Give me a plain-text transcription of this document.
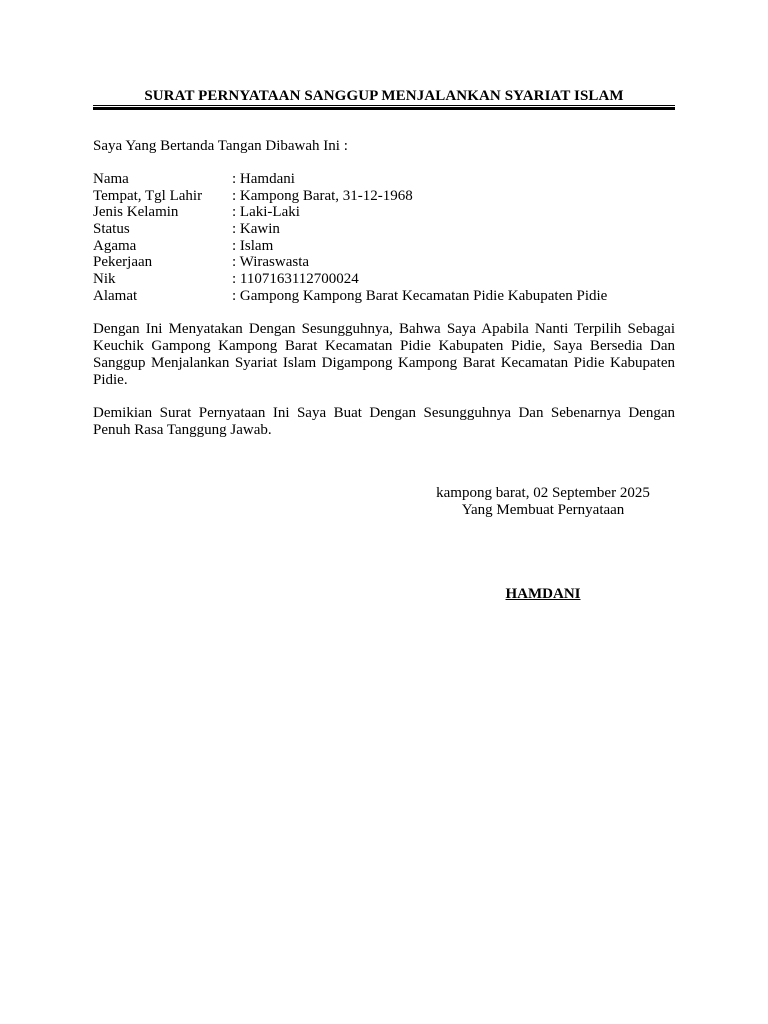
SURAT PERNYATAAN SANGGUP MENJALANKAN SYARIAT ISLAM
Saya Yang Bertanda Tangan Dibawah Ini :
Nama	: Hamdani
Tempat, Tgl Lahir	: Kampong Barat, 31-12-1968
Jenis Kelamin	: Laki-Laki
Status	: Kawin
Agama	: Islam
Pekerjaan	: Wiraswasta
Nik	: 1107163112700024
Alamat	: Gampong Kampong Barat Kecamatan Pidie Kabupaten Pidie
Dengan Ini Menyatakan Dengan Sesungguhnya, Bahwa Saya Apabila Nanti Terpilih Sebagai Keuchik Gampong Kampong Barat Kecamatan Pidie Kabupaten Pidie, Saya Bersedia Dan Sanggup Menjalankan Syariat Islam Digampong Kampong Barat Kecamatan Pidie Kabupaten Pidie.
Demikian Surat Pernyataan Ini Saya Buat Dengan Sesungguhnya Dan Sebenarnya Dengan Penuh Rasa Tanggung Jawab.
kampong barat, 02 September 2025
Yang Membuat Pernyataan
HAMDANI
